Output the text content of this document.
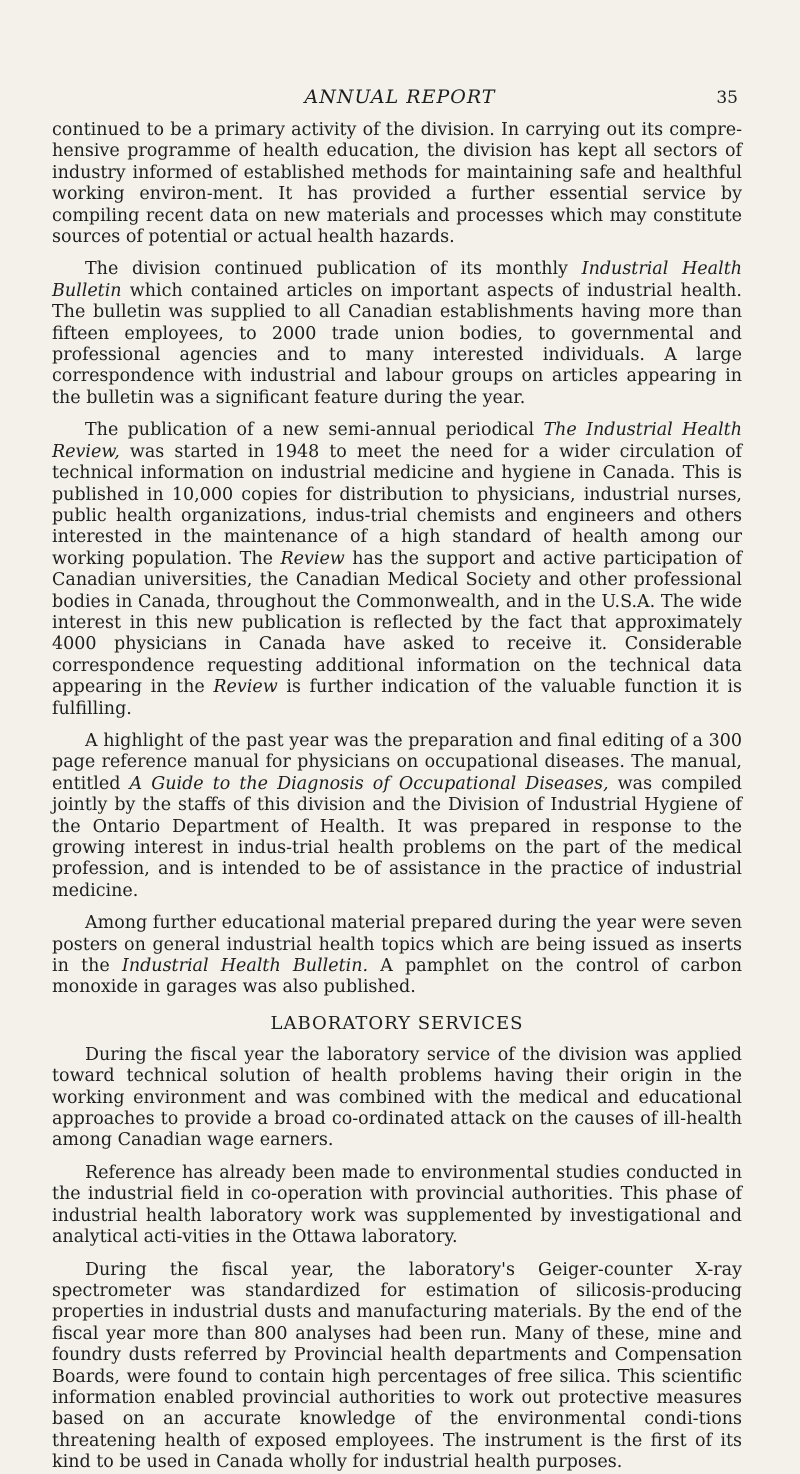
ANNUAL REPORT	35

continued to be a primary activity of the division. In carrying out its compre-hensive programme of health education, the division has kept all sectors of industry informed of established methods for maintaining safe and healthful working environ-ment. It has provided a further essential service by compiling recent data on new materials and processes which may constitute sources of potential or actual health hazards.

The division continued publication of its monthly Industrial Health Bulletin which contained articles on important aspects of industrial health. The bulletin was supplied to all Canadian establishments having more than fifteen employees, to 2000 trade union bodies, to governmental and professional agencies and to many interested individuals. A large correspondence with industrial and labour groups on articles appearing in the bulletin was a significant feature during the year.

The publication of a new semi-annual periodical The Industrial Health Review, was started in 1948 to meet the need for a wider circulation of technical information on industrial medicine and hygiene in Canada. This is published in 10,000 copies for distribution to physicians, industrial nurses, public health organizations, indus-trial chemists and engineers and others interested in the maintenance of a high standard of health among our working population. The Review has the support and active participation of Canadian universities, the Canadian Medical Society and other professional bodies in Canada, throughout the Commonwealth, and in the U.S.A. The wide interest in this new publication is reflected by the fact that approximately 4000 physicians in Canada have asked to receive it. Considerable correspondence requesting additional information on the technical data appearing in the Review is further indication of the valuable function it is fulfilling.

A highlight of the past year was the preparation and final editing of a 300 page reference manual for physicians on occupational diseases. The manual, entitled A Guide to the Diagnosis of Occupational Diseases, was compiled jointly by the staffs of this division and the Division of Industrial Hygiene of the Ontario Department of Health. It was prepared in response to the growing interest in indus-trial health problems on the part of the medical profession, and is intended to be of assistance in the practice of industrial medicine.

Among further educational material prepared during the year were seven posters on general industrial health topics which are being issued as inserts in the Industrial Health Bulletin. A pamphlet on the control of carbon monoxide in garages was also published.

LABORATORY SERVICES

During the fiscal year the laboratory service of the division was applied toward technical solution of health problems having their origin in the working environment and was combined with the medical and educational approaches to provide a broad co-ordinated attack on the causes of ill-health among Canadian wage earners.

Reference has already been made to environmental studies conducted in the industrial field in co-operation with provincial authorities. This phase of industrial health laboratory work was supplemented by investigational and analytical acti-vities in the Ottawa laboratory.

During the fiscal year, the laboratory's Geiger-counter X-ray spectrometer was standardized for estimation of silicosis-producing properties in industrial dusts and manufacturing materials. By the end of the fiscal year more than 800 analyses had been run. Many of these, mine and foundry dusts referred by Provincial health departments and Compensation Boards, were found to contain high percentages of free silica. This scientific information enabled provincial authorities to work out protective measures based on an accurate knowledge of the environmental condi-tions threatening health of exposed employees. The instrument is the first of its kind to be used in Canada wholly for industrial health purposes.
